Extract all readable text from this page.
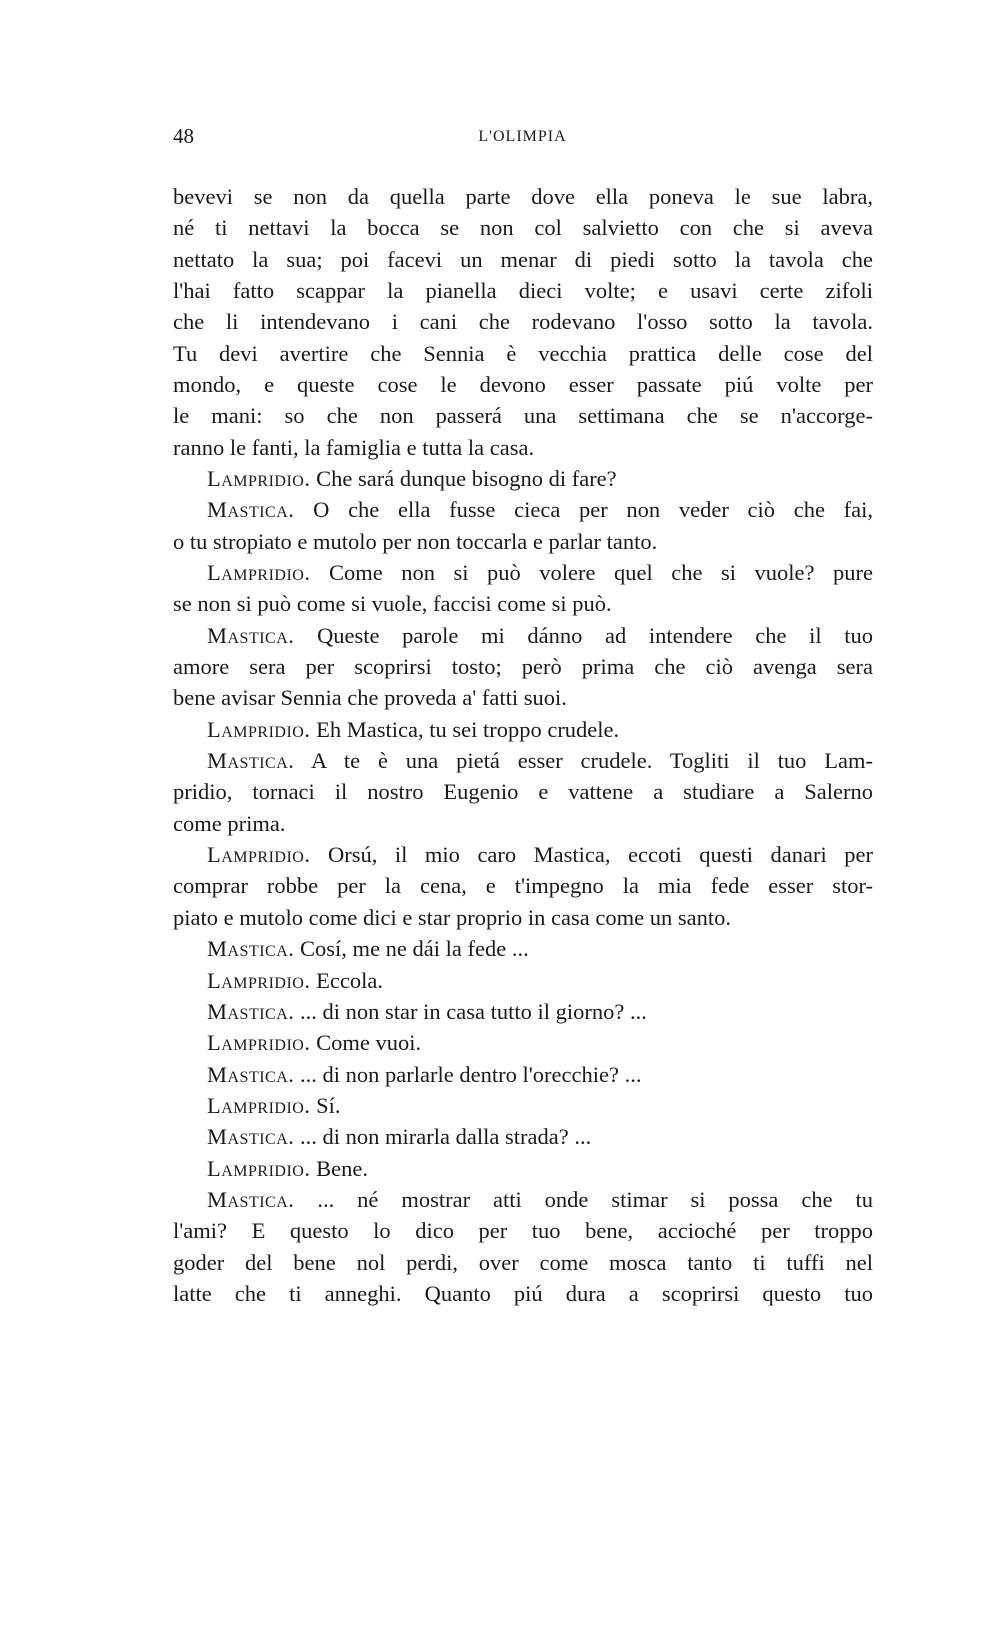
48	L'OLIMPIA
bevevi se non da quella parte dove ella poneva le sue labra,
né ti nettavi la bocca se non col salvietto con che si aveva
nettato la sua; poi facevi un menar di piedi sotto la tavola che
l'hai fatto scappar la pianella dieci volte; e usavi certe zifoli
che li intendevano i cani che rodevano l'osso sotto la tavola.
Tu devi avertire che Sennia è vecchia prattica delle cose del
mondo, e queste cose le devono esser passate piú volte per
le mani: so che non passerá una settimana che se n'accorge-
ranno le fanti, la famiglia e tutta la casa.
Lampridio. Che sará dunque bisogno di fare?
Mastica. O che ella fusse cieca per non veder ciò che fai,
o tu stropiato e mutolo per non toccarla e parlar tanto.
Lampridio. Come non si può volere quel che si vuole? pure
se non si può come si vuole, faccisi come si può.
Mastica. Queste parole mi dánno ad intendere che il tuo
amore sera per scoprirsi tosto; però prima che ciò avenga sera
bene avisar Sennia che proveda a' fatti suoi.
Lampridio. Eh Mastica, tu sei troppo crudele.
Mastica. A te è una pietá esser crudele. Togliti il tuo Lam-
pridio, tornaci il nostro Eugenio e vattene a studiare a Salerno
come prima.
Lampridio. Orsú, il mio caro Mastica, eccoti questi danari per
comprar robbe per la cena, e t'impegno la mia fede esser stor-
piato e mutolo come dici e star proprio in casa come un santo.
Mastica. Cosí, me ne dái la fede ...
Lampridio. Eccola.
Mastica. ... di non star in casa tutto il giorno? ...
Lampridio. Come vuoi.
Mastica. ... di non parlarle dentro l'orecchie? ...
Lampridio. Sí.
Mastica. ... di non mirarla dalla strada? ...
Lampridio. Bene.
Mastica. ... né mostrar atti onde stimar si possa che tu
l'ami? E questo lo dico per tuo bene, accioché per troppo
goder del bene nol perdi, over come mosca tanto ti tuffi nel
latte che ti anneghi. Quanto piú dura a scoprirsi questo tuo
